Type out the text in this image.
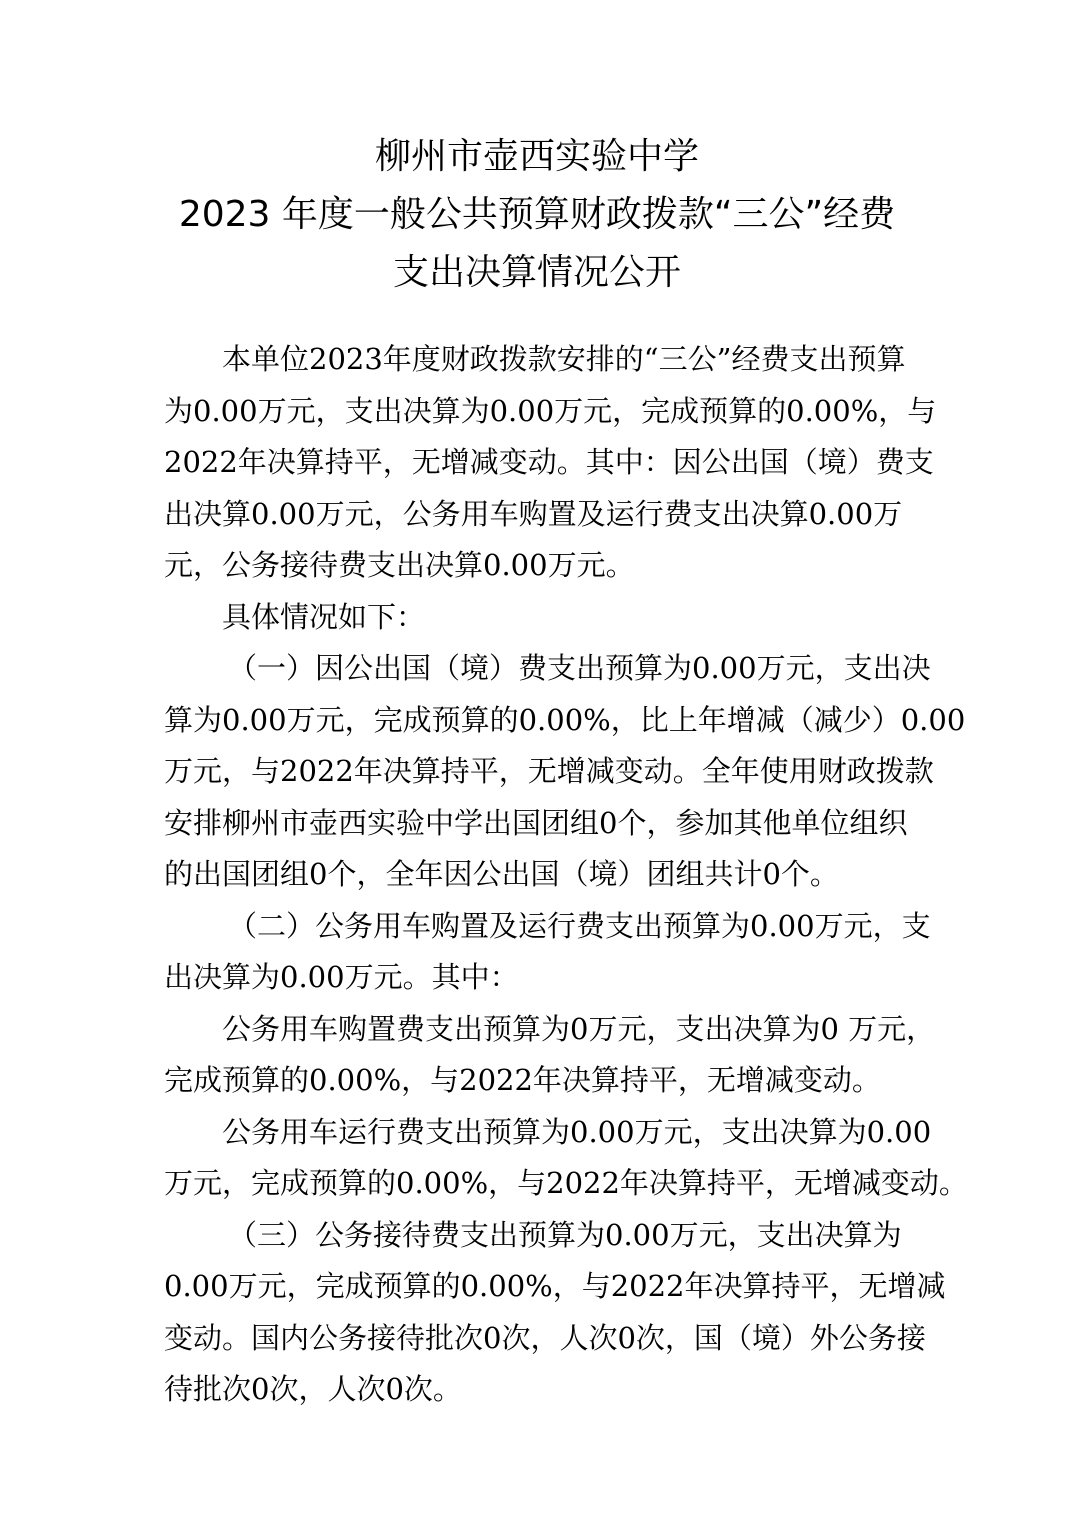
柳州市壶西实验中学
2023 年度一般公共预算财政拨款“三公”经费
支出决算情况公开
本单位2023年度财政拨款安排的“三公”经费支出预算
为0.00万元，支出决算为0.00万元，完成预算的0.00%，与
2022年决算持平，无增减变动。其中：因公出国（境）费支
出决算0.00万元，公务用车购置及运行费支出决算0.00万
元，公务接待费支出决算0.00万元。
具体情况如下：
（一）因公出国（境）费支出预算为0.00万元，支出决
算为0.00万元，完成预算的0.00%，比上年增减（减少）0.00
万元，与2022年决算持平，无增减变动。全年使用财政拨款
安排柳州市壶西实验中学出国团组0个，参加其他单位组织
的出国团组0个，全年因公出国（境）团组共计0个。
（二）公务用车购置及运行费支出预算为0.00万元，支
出决算为0.00万元。其中：
公务用车购置费支出预算为0万元，支出决算为0 万元，
完成预算的0.00%，与2022年决算持平，无增减变动。
公务用车运行费支出预算为0.00万元，支出决算为0.00
万元，完成预算的0.00%，与2022年决算持平，无增减变动。
（三）公务接待费支出预算为0.00万元，支出决算为
0.00万元，完成预算的0.00%，与2022年决算持平，无增减
变动。国内公务接待批次0次，人次0次，国（境）外公务接
待批次0次，人次0次。
